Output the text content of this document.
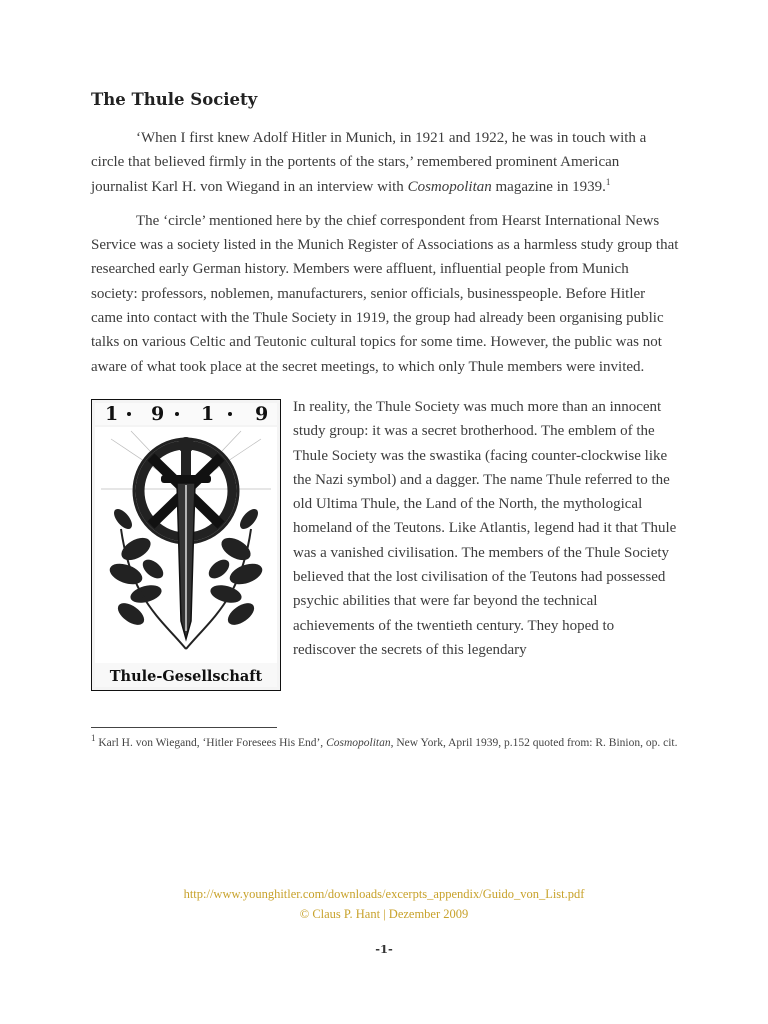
The Thule Society

‘When I first knew Adolf Hitler in Munich, in 1921 and 1922, he was in touch with a circle that believed firmly in the portents of the stars,’ remembered prominent American journalist Karl H. von Wiegand in an interview with Cosmopolitan magazine in 1939.$^1$

The ‘circle’ mentioned here by the chief correspondent from Hearst International News Service was a society listed in the Munich Register of Associations as a harmless study group that researched early German history. Members were affluent, influential people from Munich society: professors, noblemen, manufacturers, senior officials, businesspeople. Before Hitler came into contact with the Thule Society in 1919, the group had already been organising public talks on various Celtic and Teutonic cultural topics for some time. However, the public was not aware of what took place at the secret meetings, to which only Thule members were invited.

1 9 1 9
Thule-Gesellschaft

In reality, the Thule Society was much more than an innocent study group: it was a secret brotherhood. The emblem of the Thule Society was the swastika (facing counter-clockwise like the Nazi symbol) and a dagger. The name Thule referred to the old Ultima Thule, the Land of the North, the mythological homeland of the Teutons. Like Atlantis, legend had it that Thule was a vanished civilisation. The members of the Thule Society believed that the lost civilisation of the Teutons had possessed psychic abilities that were far beyond the technical achievements of the twentieth century. They hoped to rediscover the secrets of this legendary

$^1$ Karl H. von Wiegand, ‘Hitler Foresees His End’, Cosmopolitan, New York, April 1939, p.152 quoted from: R. Binion, op. cit.

http://www.younghitler.com/downloads/excerpts_appendix/Guido_von_List.pdf
© Claus P. Hant | Dezember 2009
-1-
